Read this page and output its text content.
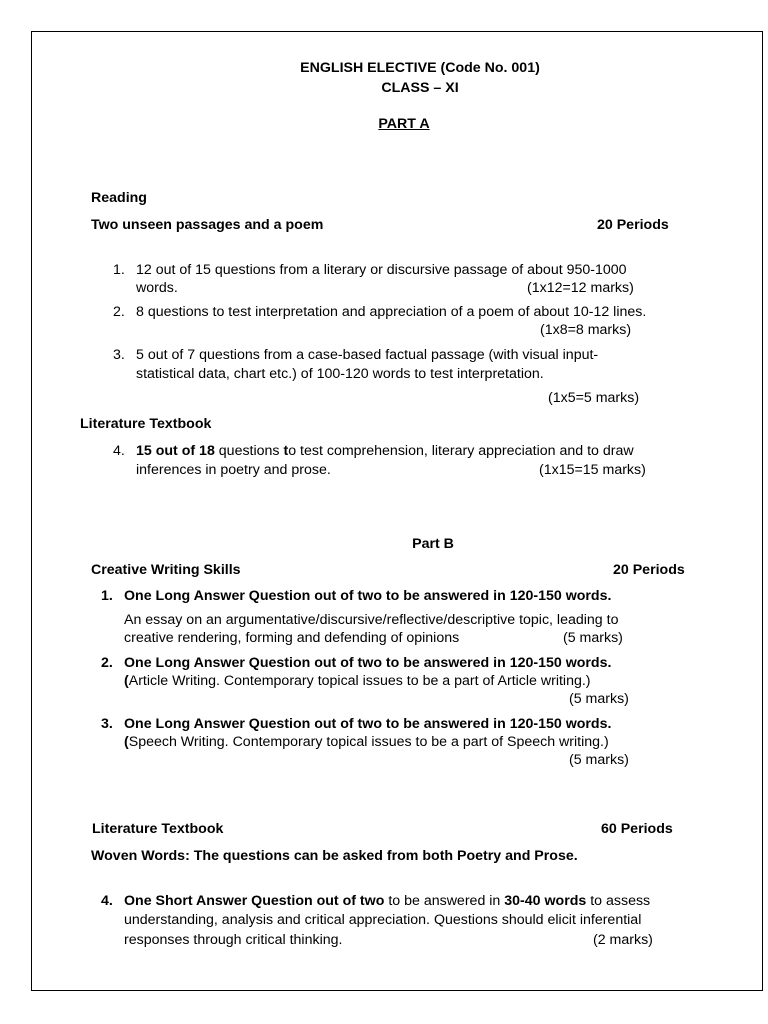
ENGLISH ELECTIVE (Code No. 001)
CLASS – XI
PART A
Reading
Two unseen passages and a poem	20 Periods
1. 12 out of 15 questions from a literary or discursive passage of about 950-1000
words.	(1x12=12 marks)
2. 8 questions to test interpretation and appreciation of a poem of about 10-12 lines.
(1x8=8 marks)
3. 5 out of 7 questions from a case-based factual passage (with visual input-
statistical data, chart etc.) of 100-120 words to test interpretation.
(1x5=5 marks)
Literature Textbook
4. 15 out of 18 questions to test comprehension, literary appreciation and to draw
inferences in poetry and prose.	(1x15=15 marks)
Part B
Creative Writing Skills	20 Periods
1. One Long Answer Question out of two to be answered in 120-150 words.
An essay on an argumentative/discursive/reflective/descriptive topic, leading to
creative rendering, forming and defending of opinions	(5 marks)
2. One Long Answer Question out of two to be answered in 120-150 words.
(Article Writing. Contemporary topical issues to be a part of Article writing.)
(5 marks)
3. One Long Answer Question out of two to be answered in 120-150 words.
(Speech Writing. Contemporary topical issues to be a part of Speech writing.)
(5 marks)
Literature Textbook	60 Periods
Woven Words: The questions can be asked from both Poetry and Prose.
4. One Short Answer Question out of two to be answered in 30-40 words to assess
understanding, analysis and critical appreciation. Questions should elicit inferential
responses through critical thinking.	(2 marks)
